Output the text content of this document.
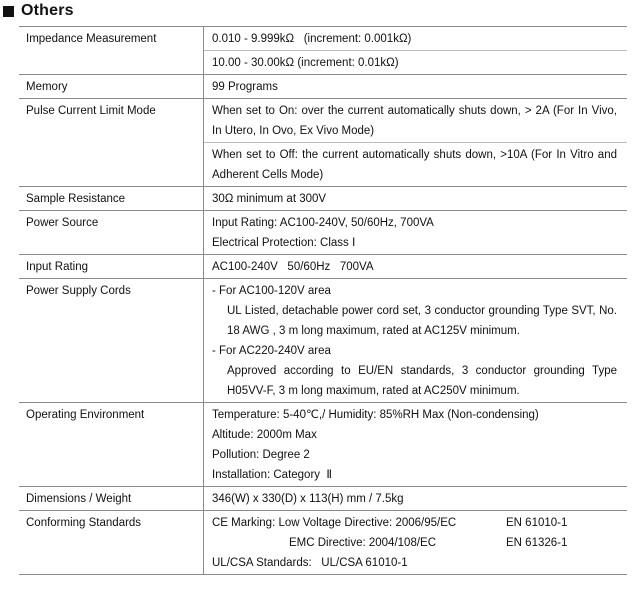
Others
Impedance Measurement	0.010 - 9.999kΩ   (increment: 0.001kΩ)
	10.00 - 30.00kΩ (increment: 0.01kΩ)
Memory	99 Programs
Pulse Current Limit Mode	When set to On: over the current automatically shuts down, > 2A (For In Vivo, In Utero, In Ovo, Ex Vivo Mode)
	When set to Off: the current automatically shuts down, >10A (For In Vitro and Adherent Cells Mode)
Sample Resistance	30Ω minimum at 300V
Power Source	Input Rating: AC100-240V, 50/60Hz, 700VA
Electrical Protection: Class Ⅰ

Input Rating	AC100-240V   50/60Hz   700VA
Power Supply Cords	- For AC100-120V area
UL Listed, detachable power cord set, 3 conductor grounding Type SVT, No. 18 AWG , 3 m long maximum, rated at AC125V minimum.
- For AC220-240V area
Approved according to EU/EN standards, 3 conductor grounding Type H05VV-F, 3 m long maximum, rated at AC250V minimum.

Operating Environment	Temperature: 5-40℃,/ Humidity: 85%RH Max (Non-condensing)
Altitude: 2000m Max
Pollution: Degree 2
Installation: Category  Ⅱ

Dimensions / Weight	346(W) x 330(D) x 113(H) mm / 7.5kg
Conforming Standards	CE Marking: Low Voltage Directive: 2006/95/EC EN 61010-1
EMC Directive: 2004/108/EC EN 61326-1
UL/CSA Standards:   UL/CSA 61010-1
